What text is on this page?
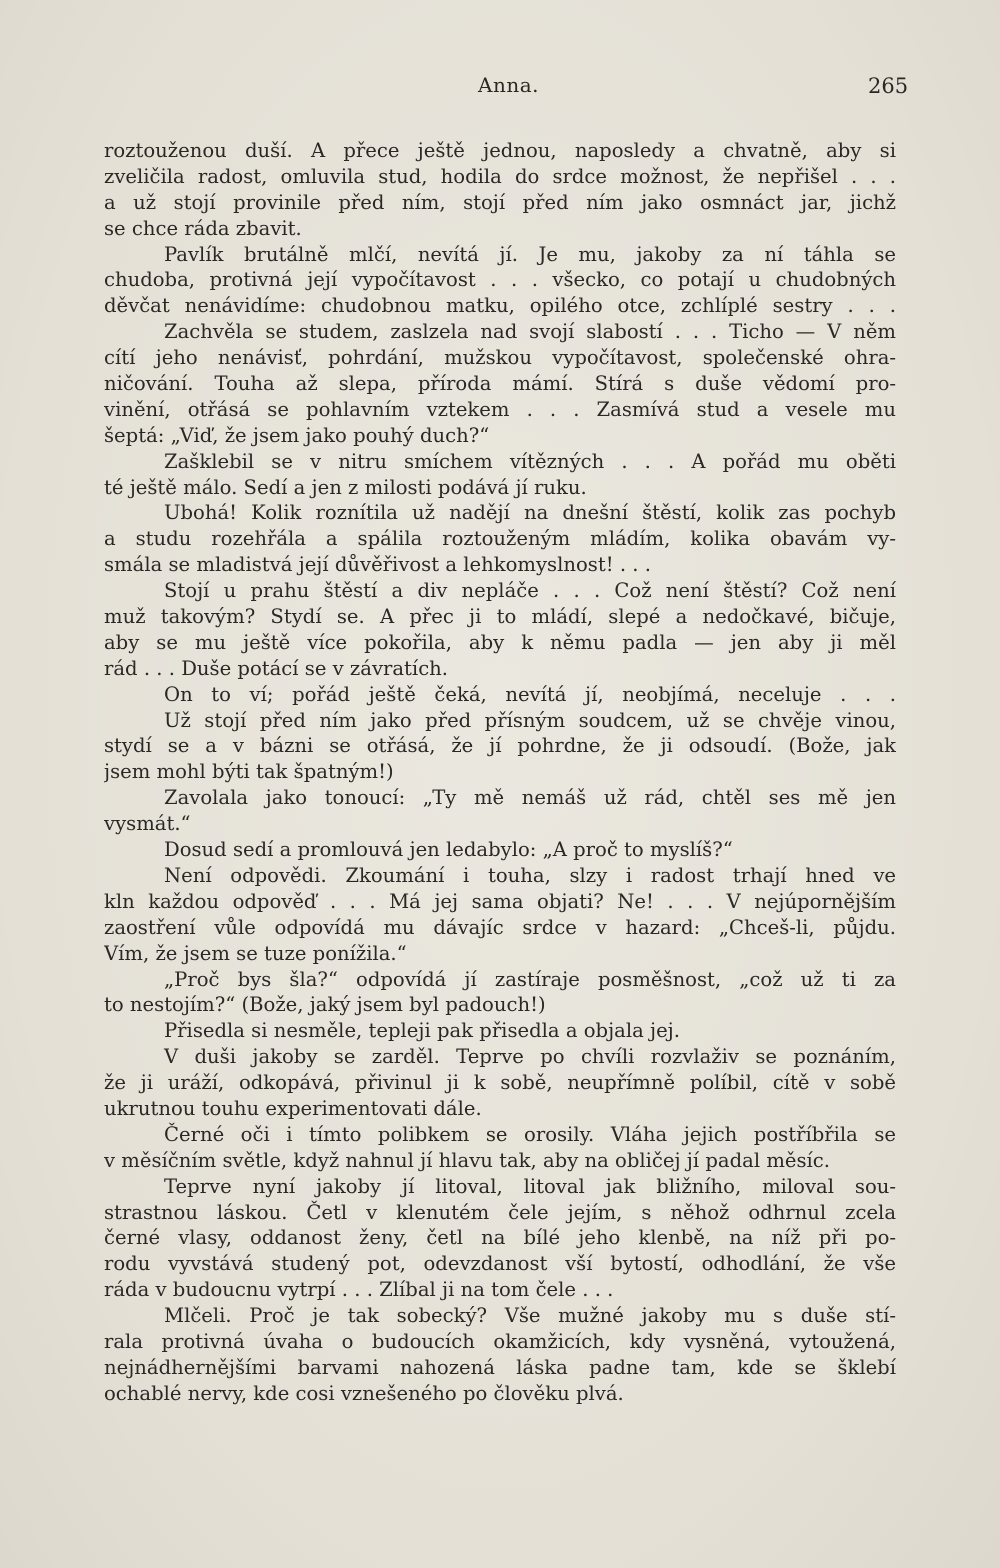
Anna.	265
roztouženou duší. A přece ještě jednou, naposledy a chvatně, aby si
zveličila radost, omluvila stud, hodila do srdce možnost, že nepřišel . . .
a už stojí provinile před ním, stojí před ním jako osmnáct jar, jichž
se chce ráda zbavit.
Pavlík brutálně mlčí, nevítá jí. Je mu, jakoby za ní táhla se
chudoba, protivná její vypočítavost . . . všecko, co potají u chudobných
děvčat nenávidíme: chudobnou matku, opilého otce, zchlíplé sestry . . .
Zachvěla se studem, zaslzela nad svojí slabostí . . . Ticho — V něm
cítí jeho nenávisť, pohrdání, mužskou vypočítavost, společenské ohra-
ničování. Touha až slepa, příroda mámí. Stírá s duše vědomí pro-
vinění, otřásá se pohlavním vztekem . . . Zasmívá stud a vesele mu
šeptá: „Viď, že jsem jako pouhý duch?“
Zašklebil se v nitru smíchem vítězných . . . A pořád mu oběti
té ještě málo. Sedí a jen z milosti podává jí ruku.
Ubohá! Kolik roznítila už nadějí na dnešní štěstí, kolik zas pochyb
a studu rozehřála a spálila roztouženým mládím, kolika obavám vy-
smála se mladistvá její důvěřivost a lehkomyslnost! . . .
Stojí u prahu štěstí a div nepláče . . . Což není štěstí? Což není
muž takovým? Stydí se. A přec ji to mládí, slepé a nedočkavé, bičuje,
aby se mu ještě více pokořila, aby k němu padla — jen aby ji měl
rád . . . Duše potácí se v závratích.
On to ví; pořád ještě čeká, nevítá jí, neobjímá, neceluje . . .
Už stojí před ním jako před přísným soudcem, už se chvěje vinou,
stydí se a v bázni se otřásá, že jí pohrdne, že ji odsoudí. (Bože, jak
jsem mohl býti tak špatným!)
Zavolala jako tonoucí: „Ty mě nemáš už rád, chtěl ses mě jen
vysmát.“
Dosud sedí a promlouvá jen ledabylo: „A proč to myslíš?“
Není odpovědi. Zkoumání i touha, slzy i radost trhají hned ve
kln každou odpověď . . . Má jej sama objati? Ne! . . . V nejúpornějším
zaostření vůle odpovídá mu dávajíc srdce v hazard: „Chceš-li, půjdu.
Vím, že jsem se tuze ponížila.“
„Proč bys šla?“ odpovídá jí zastíraje posměšnost, „což už ti za
to nestojím?“ (Bože, jaký jsem byl padouch!)
Přisedla si nesměle, tepleji pak přisedla a objala jej.
V duši jakoby se zarděl. Teprve po chvíli rozvlaživ se poznáním,
že ji uráží, odkopává, přivinul ji k sobě, neupřímně políbil, cítě v sobě
ukrutnou touhu experimentovati dále.
Černé oči i tímto polibkem se orosily. Vláha jejich postříbřila se
v měsíčním světle, když nahnul jí hlavu tak, aby na obličej jí padal měsíc.
Teprve nyní jakoby jí litoval, litoval jak bližního, miloval sou-
strastnou láskou. Četl v klenutém čele jejím, s něhož odhrnul zcela
černé vlasy, oddanost ženy, četl na bílé jeho klenbě, na níž při po-
rodu vyvstává studený pot, odevzdanost vší bytostí, odhodlání, že vše
ráda v budoucnu vytrpí . . . Zlíbal ji na tom čele . . .
Mlčeli. Proč je tak sobecký? Vše mužné jakoby mu s duše stí-
rala protivná úvaha o budoucích okamžicích, kdy vysněná, vytoužená,
nejnádhernějšími barvami nahozená láska padne tam, kde se šklebí
ochablé nervy, kde cosi vznešeného po člověku plvá.
